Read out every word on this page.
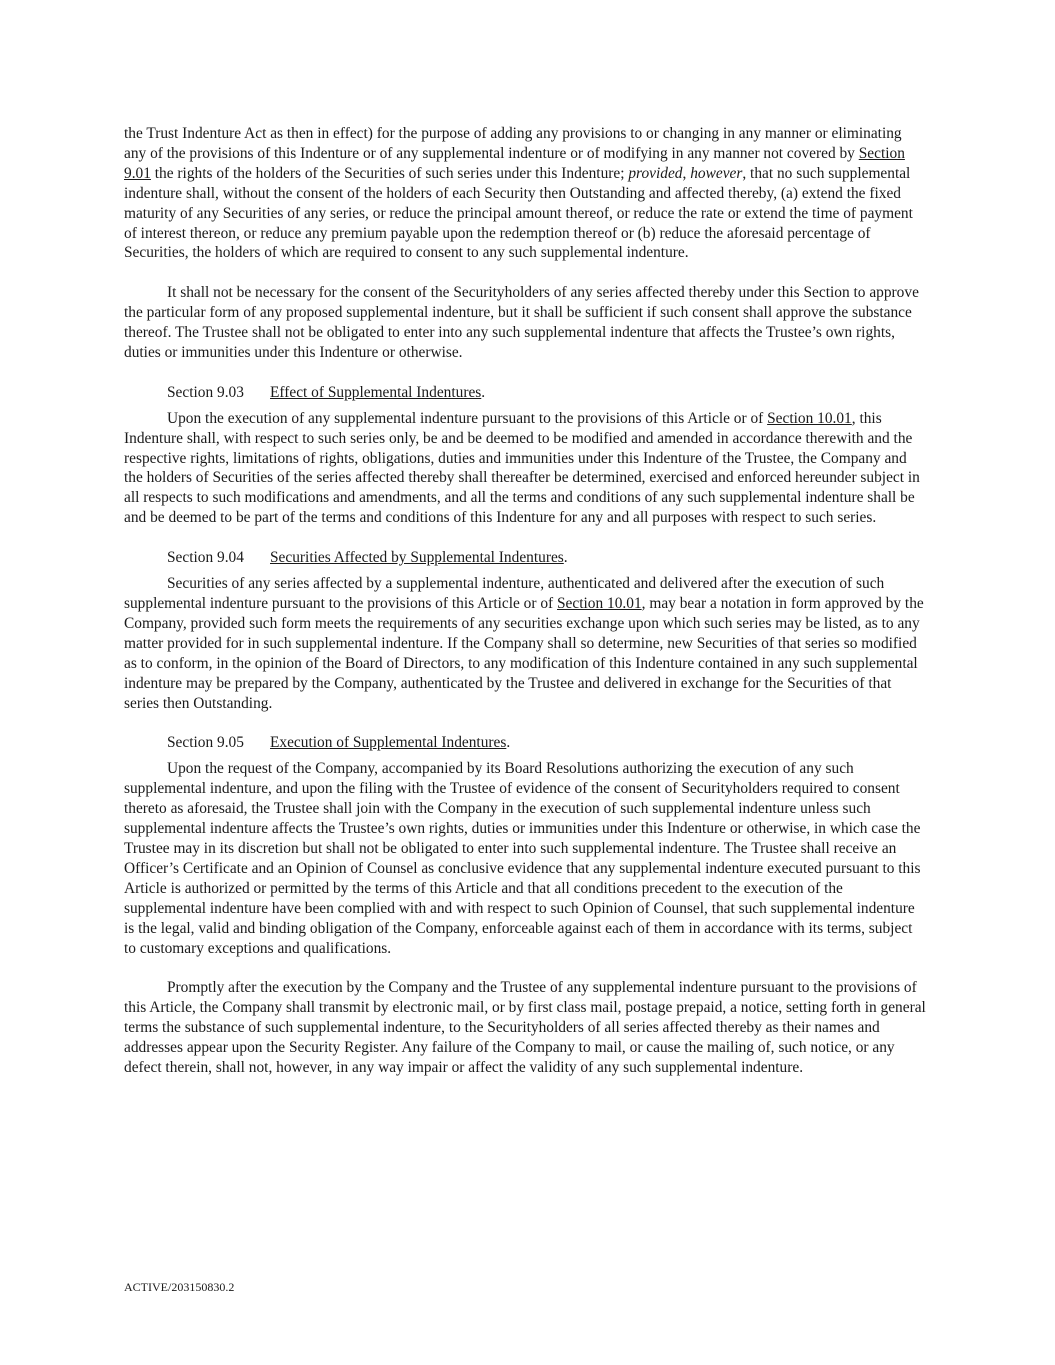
the Trust Indenture Act as then in effect) for the purpose of adding any provisions to or changing in any manner or eliminating any of the provisions of this Indenture or of any supplemental indenture or of modifying in any manner not covered by Section 9.01 the rights of the holders of the Securities of such series under this Indenture; provided, however, that no such supplemental indenture shall, without the consent of the holders of each Security then Outstanding and affected thereby, (a) extend the fixed maturity of any Securities of any series, or reduce the principal amount thereof, or reduce the rate or extend the time of payment of interest thereon, or reduce any premium payable upon the redemption thereof or (b) reduce the aforesaid percentage of Securities, the holders of which are required to consent to any such supplemental indenture.

It shall not be necessary for the consent of the Securityholders of any series affected thereby under this Section to approve the particular form of any proposed supplemental indenture, but it shall be sufficient if such consent shall approve the substance thereof. The Trustee shall not be obligated to enter into any such supplemental indenture that affects the Trustee’s own rights, duties or immunities under this Indenture or otherwise.

Section 9.03 Effect of Supplemental Indentures.

Upon the execution of any supplemental indenture pursuant to the provisions of this Article or of Section 10.01, this Indenture shall, with respect to such series only, be and be deemed to be modified and amended in accordance therewith and the respective rights, limitations of rights, obligations, duties and immunities under this Indenture of the Trustee, the Company and the holders of Securities of the series affected thereby shall thereafter be determined, exercised and enforced hereunder subject in all respects to such modifications and amendments, and all the terms and conditions of any such supplemental indenture shall be and be deemed to be part of the terms and conditions of this Indenture for any and all purposes with respect to such series.

Section 9.04 Securities Affected by Supplemental Indentures.

Securities of any series affected by a supplemental indenture, authenticated and delivered after the execution of such supplemental indenture pursuant to the provisions of this Article or of Section 10.01, may bear a notation in form approved by the Company, provided such form meets the requirements of any securities exchange upon which such series may be listed, as to any matter provided for in such supplemental indenture. If the Company shall so determine, new Securities of that series so modified as to conform, in the opinion of the Board of Directors, to any modification of this Indenture contained in any such supplemental indenture may be prepared by the Company, authenticated by the Trustee and delivered in exchange for the Securities of that series then Outstanding.

Section 9.05 Execution of Supplemental Indentures.

Upon the request of the Company, accompanied by its Board Resolutions authorizing the execution of any such supplemental indenture, and upon the filing with the Trustee of evidence of the consent of Securityholders required to consent thereto as aforesaid, the Trustee shall join with the Company in the execution of such supplemental indenture unless such supplemental indenture affects the Trustee’s own rights, duties or immunities under this Indenture or otherwise, in which case the Trustee may in its discretion but shall not be obligated to enter into such supplemental indenture. The Trustee shall receive an Officer’s Certificate and an Opinion of Counsel as conclusive evidence that any supplemental indenture executed pursuant to this Article is authorized or permitted by the terms of this Article and that all conditions precedent to the execution of the supplemental indenture have been complied with and with respect to such Opinion of Counsel, that such supplemental indenture is the legal, valid and binding obligation of the Company, enforceable against each of them in accordance with its terms, subject to customary exceptions and qualifications.

Promptly after the execution by the Company and the Trustee of any supplemental indenture pursuant to the provisions of this Article, the Company shall transmit by electronic mail, or by first class mail, postage prepaid, a notice, setting forth in general terms the substance of such supplemental indenture, to the Securityholders of all series affected thereby as their names and addresses appear upon the Security Register. Any failure of the Company to mail, or cause the mailing of, such notice, or any defect therein, shall not, however, in any way impair or affect the validity of any such supplemental indenture.

ACTIVE/203150830.2
